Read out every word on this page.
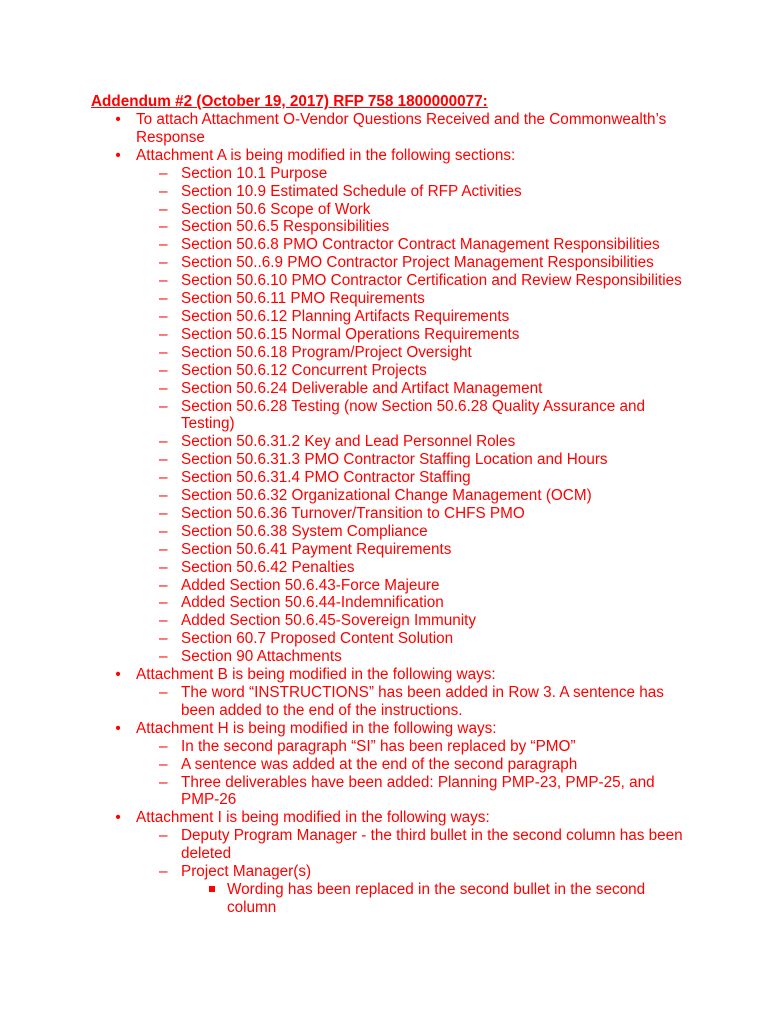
Addendum #2 (October 19, 2017) RFP 758 1800000077:
• To attach Attachment O-Vendor Questions Received and the Commonwealth’s Response
• Attachment A is being modified in the following sections:
– Section 10.1 Purpose
– Section 10.9 Estimated Schedule of RFP Activities
– Section 50.6 Scope of Work
– Section 50.6.5 Responsibilities
– Section 50.6.8 PMO Contractor Contract Management Responsibilities
– Section 50..6.9 PMO Contractor Project Management Responsibilities
– Section 50.6.10 PMO Contractor Certification and Review Responsibilities
– Section 50.6.11 PMO Requirements
– Section 50.6.12 Planning Artifacts Requirements
– Section 50.6.15 Normal Operations Requirements
– Section 50.6.18 Program/Project Oversight
– Section 50.6.12 Concurrent Projects
– Section 50.6.24 Deliverable and Artifact Management
– Section 50.6.28 Testing (now Section 50.6.28 Quality Assurance and Testing)
– Section 50.6.31.2 Key and Lead Personnel Roles
– Section 50.6.31.3 PMO Contractor Staffing Location and Hours
– Section 50.6.31.4 PMO Contractor Staffing
– Section 50.6.32 Organizational Change Management (OCM)
– Section 50.6.36 Turnover/Transition to CHFS PMO
– Section 50.6.38 System Compliance
– Section 50.6.41 Payment Requirements
– Section 50.6.42 Penalties
– Added Section 50.6.43-Force Majeure
– Added Section 50.6.44-Indemnification
– Added Section 50.6.45-Sovereign Immunity
– Section 60.7 Proposed Content Solution
– Section 90 Attachments
• Attachment B is being modified in the following ways:
– The word “INSTRUCTIONS” has been added in Row 3. A sentence has been added to the end of the instructions.
• Attachment H is being modified in the following ways:
– In the second paragraph “SI” has been replaced by “PMO”
– A sentence was added at the end of the second paragraph
– Three deliverables have been added: Planning PMP-23, PMP-25, and PMP-26
• Attachment I is being modified in the following ways:
– Deputy Program Manager - the third bullet in the second column has been deleted
– Project Manager(s)
Wording has been replaced in the second bullet in the second column
